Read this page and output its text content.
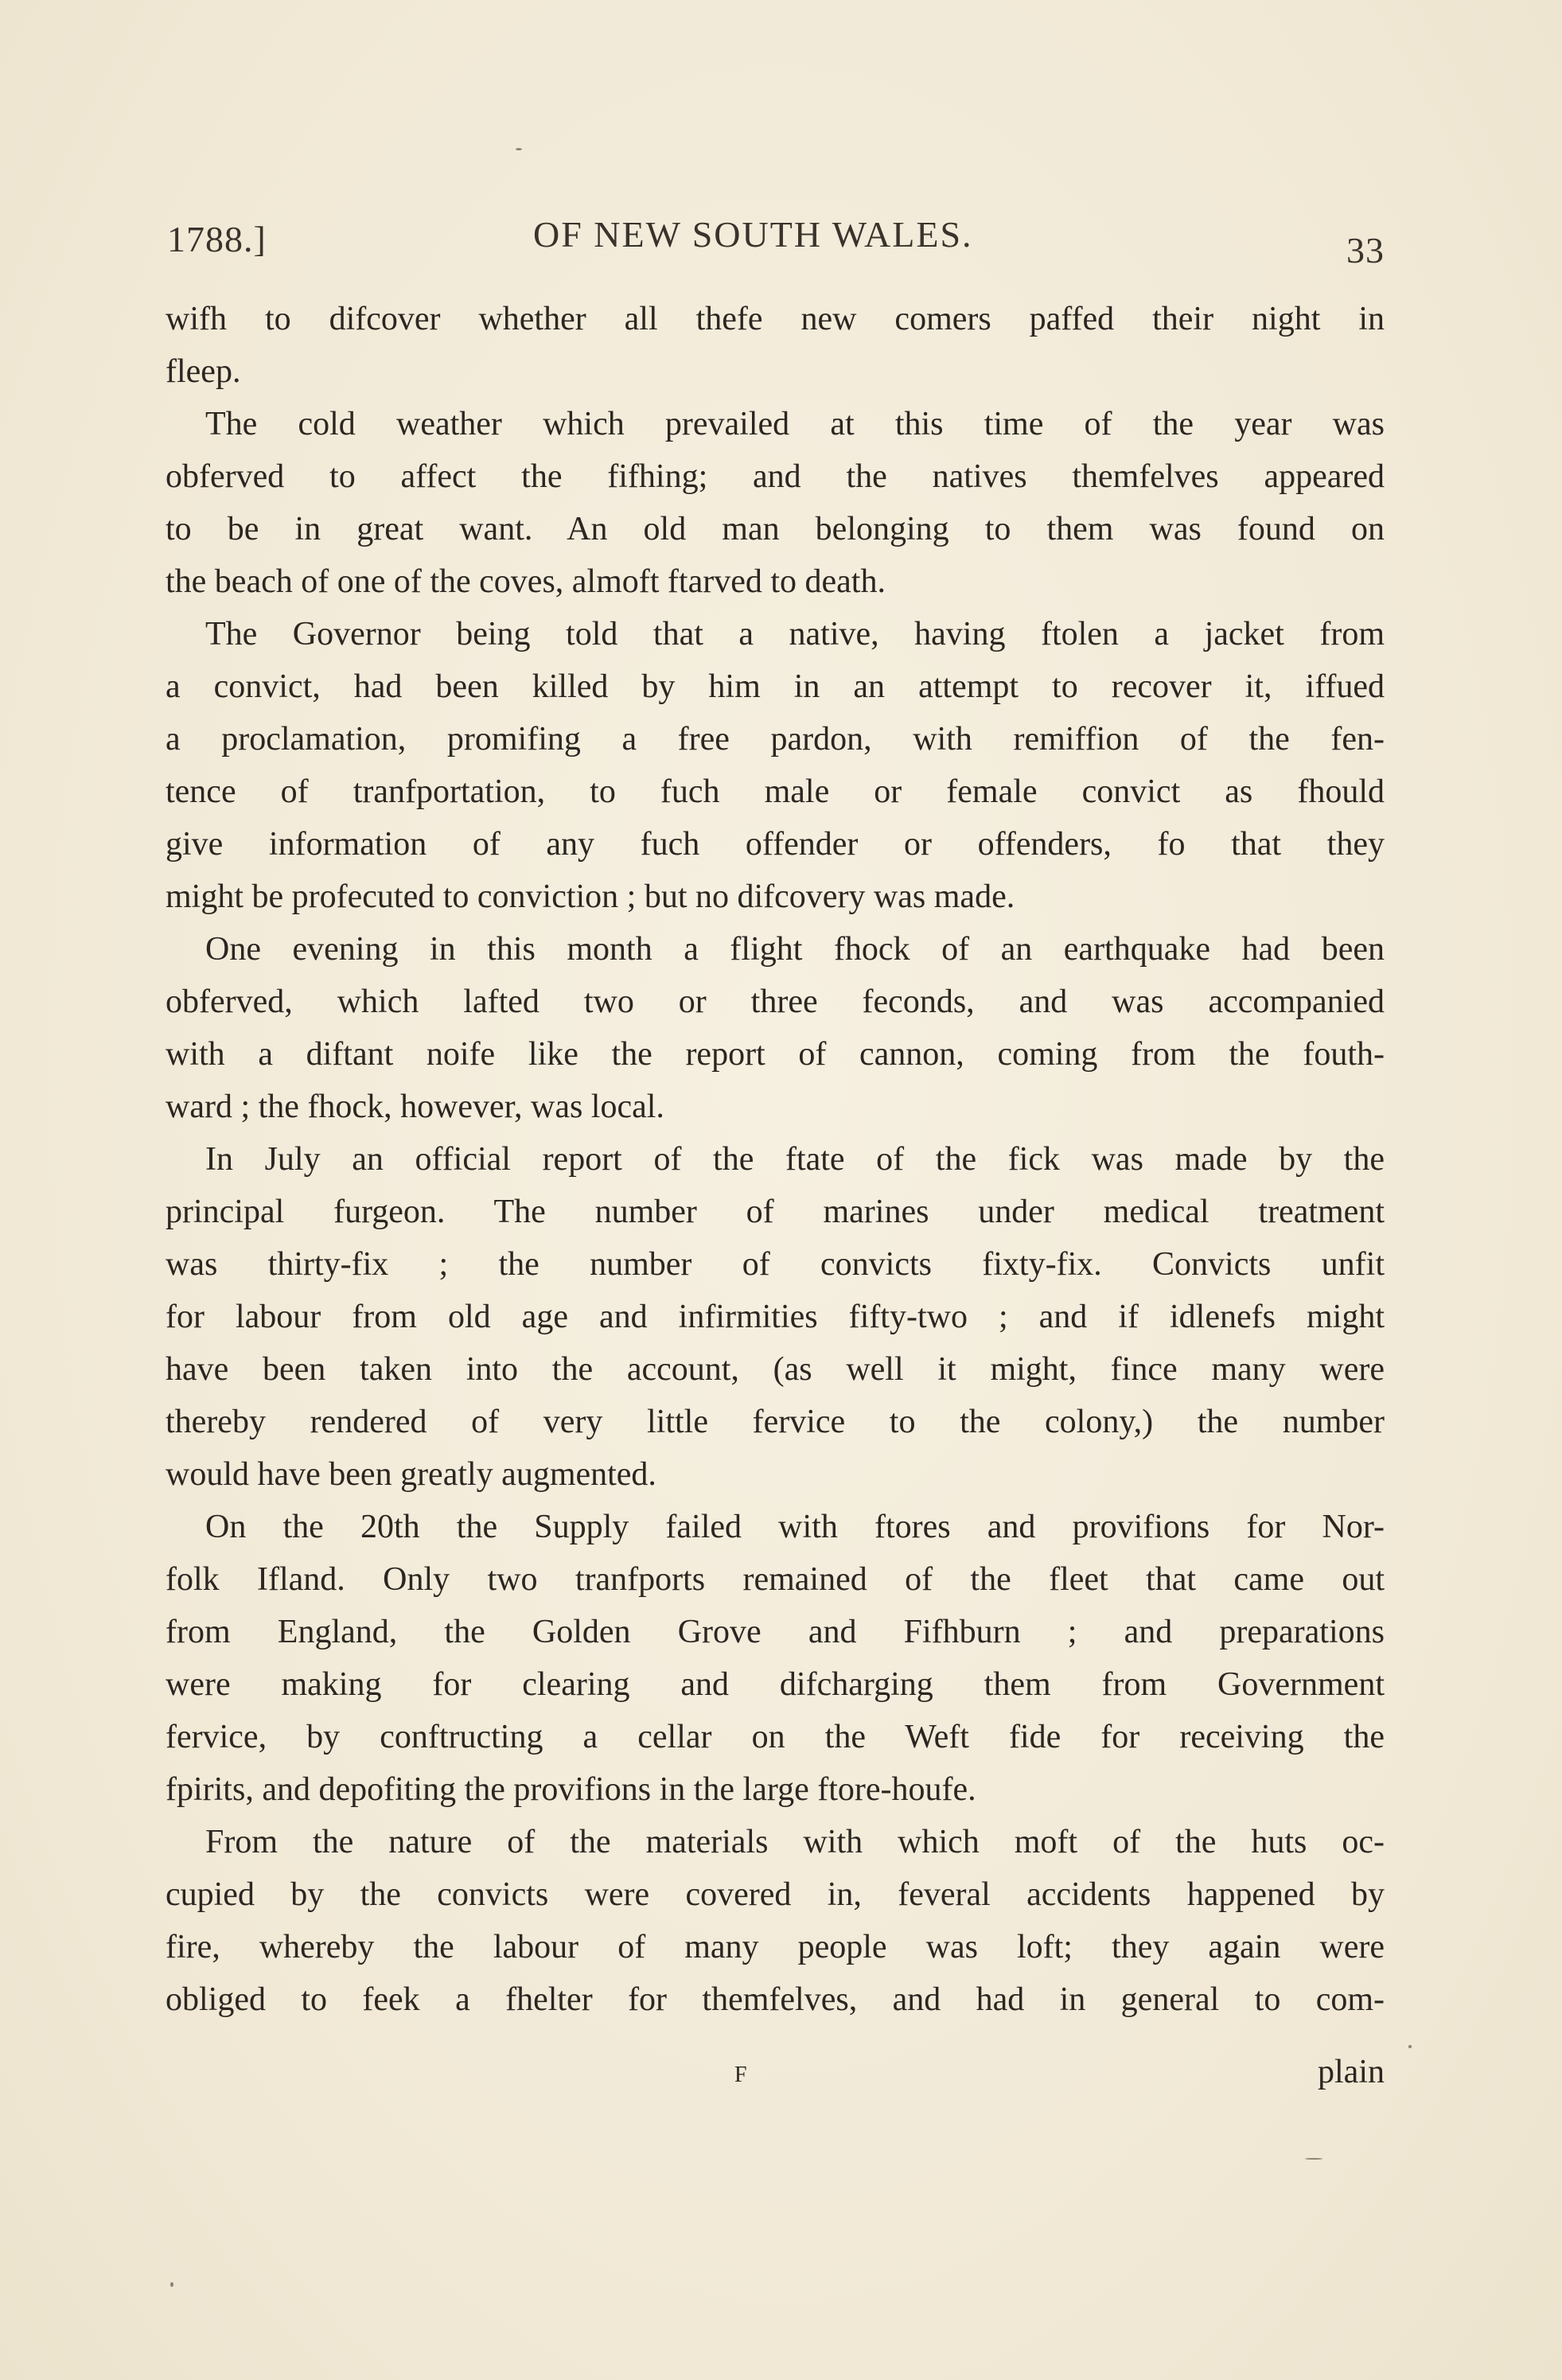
1788.]	OF NEW SOUTH WALES.	33
wifh to difcover whether all thefe new comers paffed their night in
fleep.
The cold weather which prevailed at this time of the year was
obferved to affect the fifhing; and the natives themfelves appeared
to be in great want. An old man belonging to them was found on
the beach of one of the coves, almoft ftarved to death.
The Governor being told that a native, having ftolen a jacket from
a convict, had been killed by him in an attempt to recover it, iffued
a proclamation, promifing a free pardon, with remiffion of the fen-
tence of tranfportation, to fuch male or female convict as fhould
give information of any fuch offender or offenders, fo that they
might be profecuted to conviction ; but no difcovery was made.
One evening in this month a flight fhock of an earthquake had been
obferved, which lafted two or three feconds, and was accompanied
with a diftant noife like the report of cannon, coming from the fouth-
ward ; the fhock, however, was local.
In July an official report of the ftate of the fick was made by the
principal furgeon. The number of marines under medical treatment
was thirty-fix ; the number of convicts fixty-fix. Convicts unfit
for labour from old age and infirmities fifty-two ; and if idlenefs might
have been taken into the account, (as well it might, fince many were
thereby rendered of very little fervice to the colony,) the number
would have been greatly augmented.
On the 20th the Supply failed with ftores and provifions for Nor-
folk Ifland. Only two tranfports remained of the fleet that came out
from England, the Golden Grove and Fifhburn ; and preparations
were making for clearing and difcharging them from Government
fervice, by conftructing a cellar on the Weft fide for receiving the
fpirits, and depofiting the provifions in the large ftore-houfe.
From the nature of the materials with which moft of the huts oc-
cupied by the convicts were covered in, feveral accidents happened by
fire, whereby the labour of many people was loft; they again were
obliged to feek a fhelter for themfelves, and had in general to com-
F	plain
